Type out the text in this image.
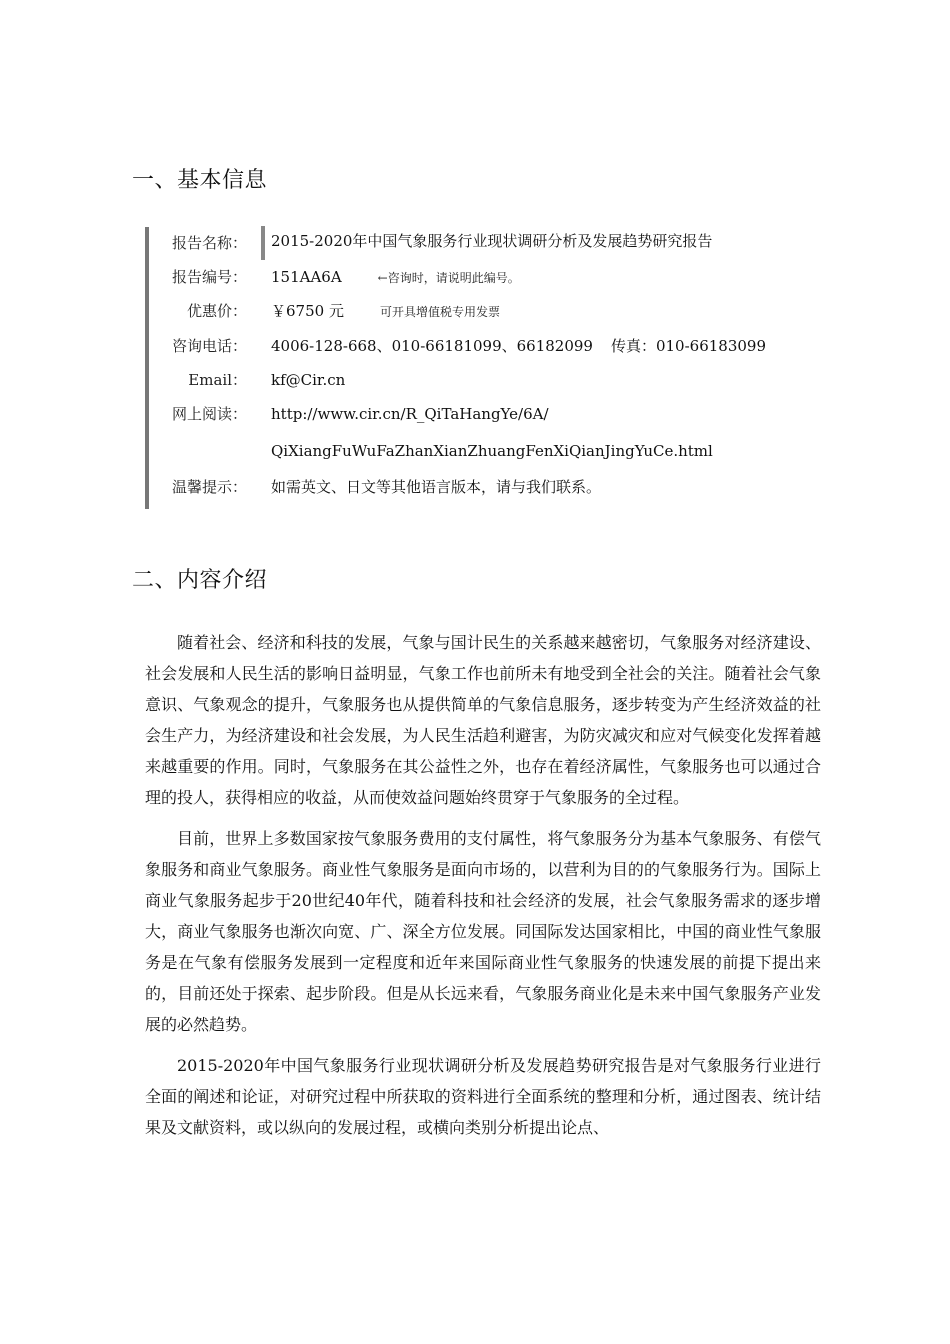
一、基本信息
报告名称：	2015-2020年中国气象服务行业现状调研分析及发展趋势研究报告
报告编号： 151AA6A	←咨询时，请说明此编号。
优惠价： ￥6750 元	可开具增值税专用发票
咨询电话： 4006-128-668、010-66181099、66182099 传真：010-66183099
Email： kf@Cir.cn
网上阅读： http://www.cir.cn/R_QiTaHangYe/6A/
QiXiangFuWuFaZhanXianZhuangFenXiQianJingYuCe.html
温馨提示： 如需英文、日文等其他语言版本，请与我们联系。
二、内容介绍

随着社会、经济和科技的发展，气象与国计民生的关系越来越密切，气象服务对经济建设、社会发展和人民生活的影响日益明显，气象工作也前所未有地受到全社会的关注。随着社会气象意识、气象观念的提升，气象服务也从提供简单的气象信息服务，逐步转变为产生经济效益的社会生产力，为经济建设和社会发展，为人民生活趋利避害，为防灾减灾和应对气候变化发挥着越来越重要的作用。同时，气象服务在其公益性之外，也存在着经济属性，气象服务也可以通过合理的投人，获得相应的收益，从而使效益问题始终贯穿于气象服务的全过程。

目前，世界上多数国家按气象服务费用的支付属性，将气象服务分为基本气象服务、有偿气象服务和商业气象服务。商业性气象服务是面向市场的，以营利为目的的气象服务行为。国际上商业气象服务起步于20世纪40年代，随着科技和社会经济的发展，社会气象服务需求的逐步增大，商业气象服务也渐次向宽、广、深全方位发展。同国际发达国家相比，中国的商业性气象服务是在气象有偿服务发展到一定程度和近年来国际商业性气象服务的快速发展的前提下提出来的，目前还处于探索、起步阶段。但是从长远来看，气象服务商业化是未来中国气象服务产业发展的必然趋势。

2015-2020年中国气象服务行业现状调研分析及发展趋势研究报告是对气象服务行业进行全面的阐述和论证，对研究过程中所获取的资料进行全面系统的整理和分析，通过图表、统计结果及文献资料，或以纵向的发展过程，或横向类别分析提出论点、
